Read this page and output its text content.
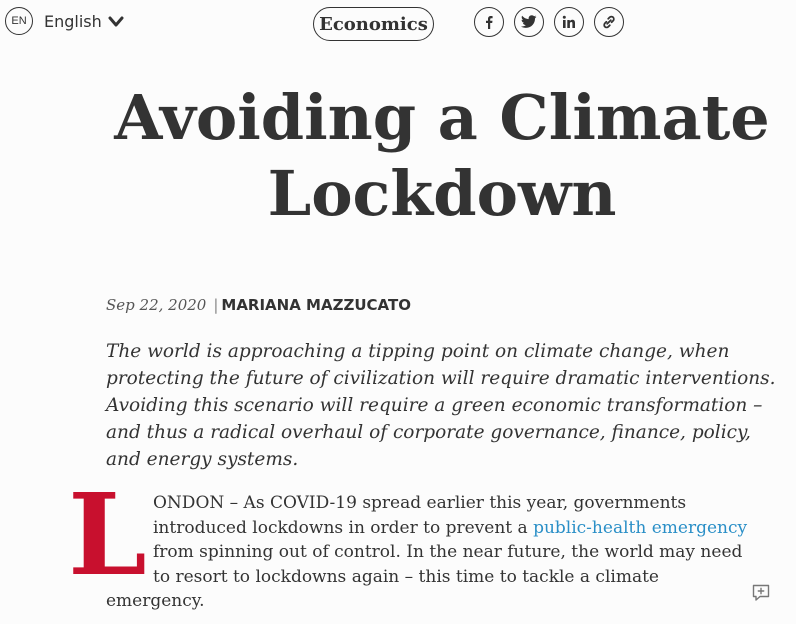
EN	English	Economics
Avoiding a Climate Lockdown
Sep 22, 2020 | MARIANA MAZZUCATO

The world is approaching a tipping point on climate change, when protecting the future of civilization will require dramatic interventions. Avoiding this scenario will require a green economic transformation – and thus a radical overhaul of corporate governance, finance, policy, and energy systems.

L ONDON – As COVID-19 spread earlier this year, governments introduced lockdowns in order to prevent a public-health emergency from spinning out of control. In the near future, the world may need to resort to lockdowns again – this time to tackle a climate emergency.
